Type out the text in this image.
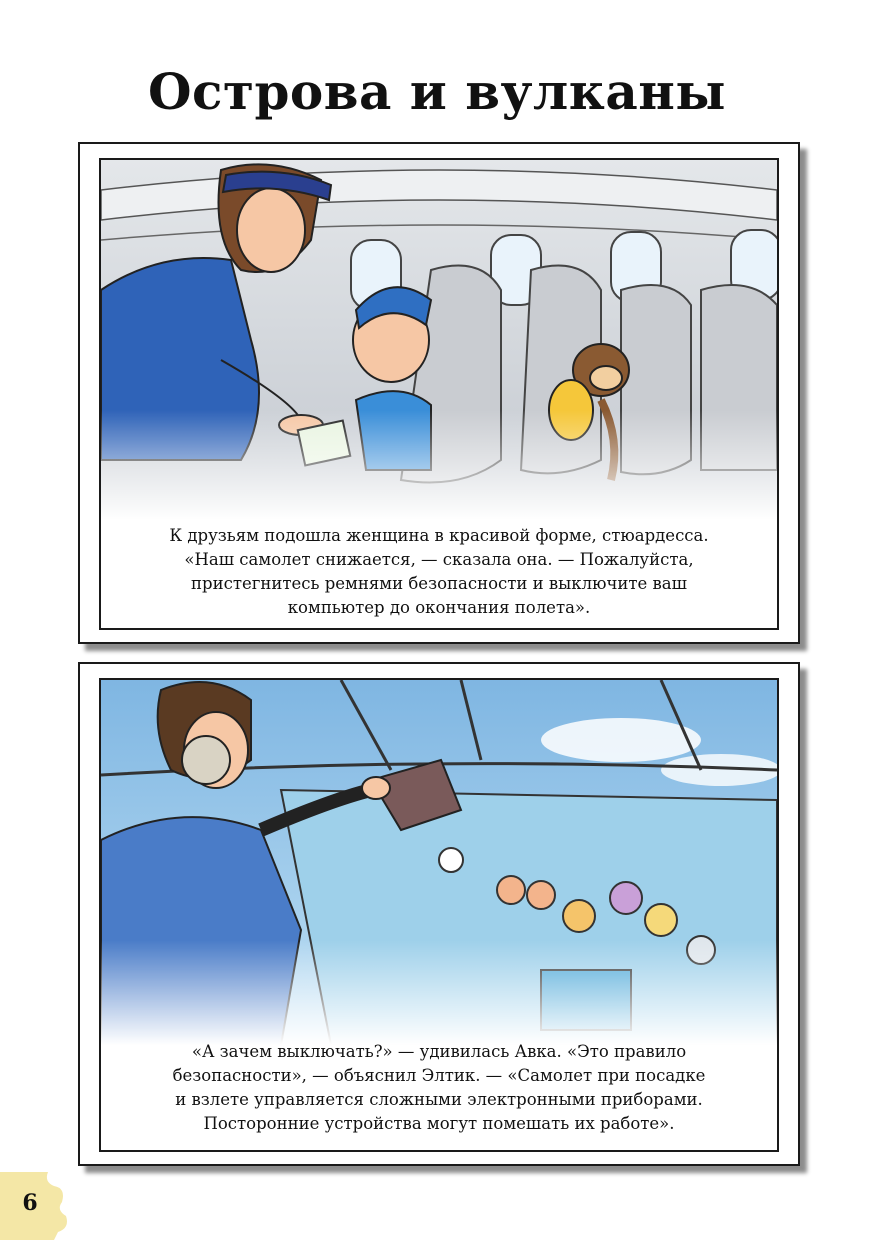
Острова и вулканы
К друзьям подошла женщина в красивой форме, стюардесса.
«Наш самолет снижается, — сказала она. — Пожалуйста,
пристегнитесь ремнями безопасности и выключите ваш
компьютер до окончания полета».
«А зачем выключать?» — удивилась Авка. «Это правило
безопасности», — объяснил Элтик. — «Самолет при посадке
и взлете управляется сложными электронными приборами.
Посторонние устройства могут помешать их работе».
6
